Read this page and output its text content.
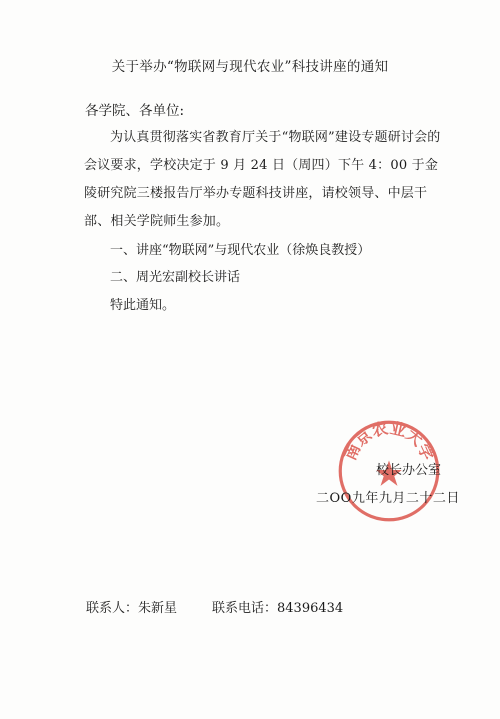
关于举办“物联网与现代农业”科技讲座的通知
各学院、各单位:
为认真贯彻落实省教育厅关于“物联网”建设专题研讨会的会议要求，学校决定于 9 月 24 日（周四）下午 4：00 于金陵研究院三楼报告厅举办专题科技讲座，请校领导、中层干部、相关学院师生参加。
一、讲座“物联网”与现代农业（徐焕良教授）
二、周光宏副校长讲话
特此通知。
南京农业大学
校长办公室
二OO九年九月二十二日
联系人：朱新星	联系电话：84396434
